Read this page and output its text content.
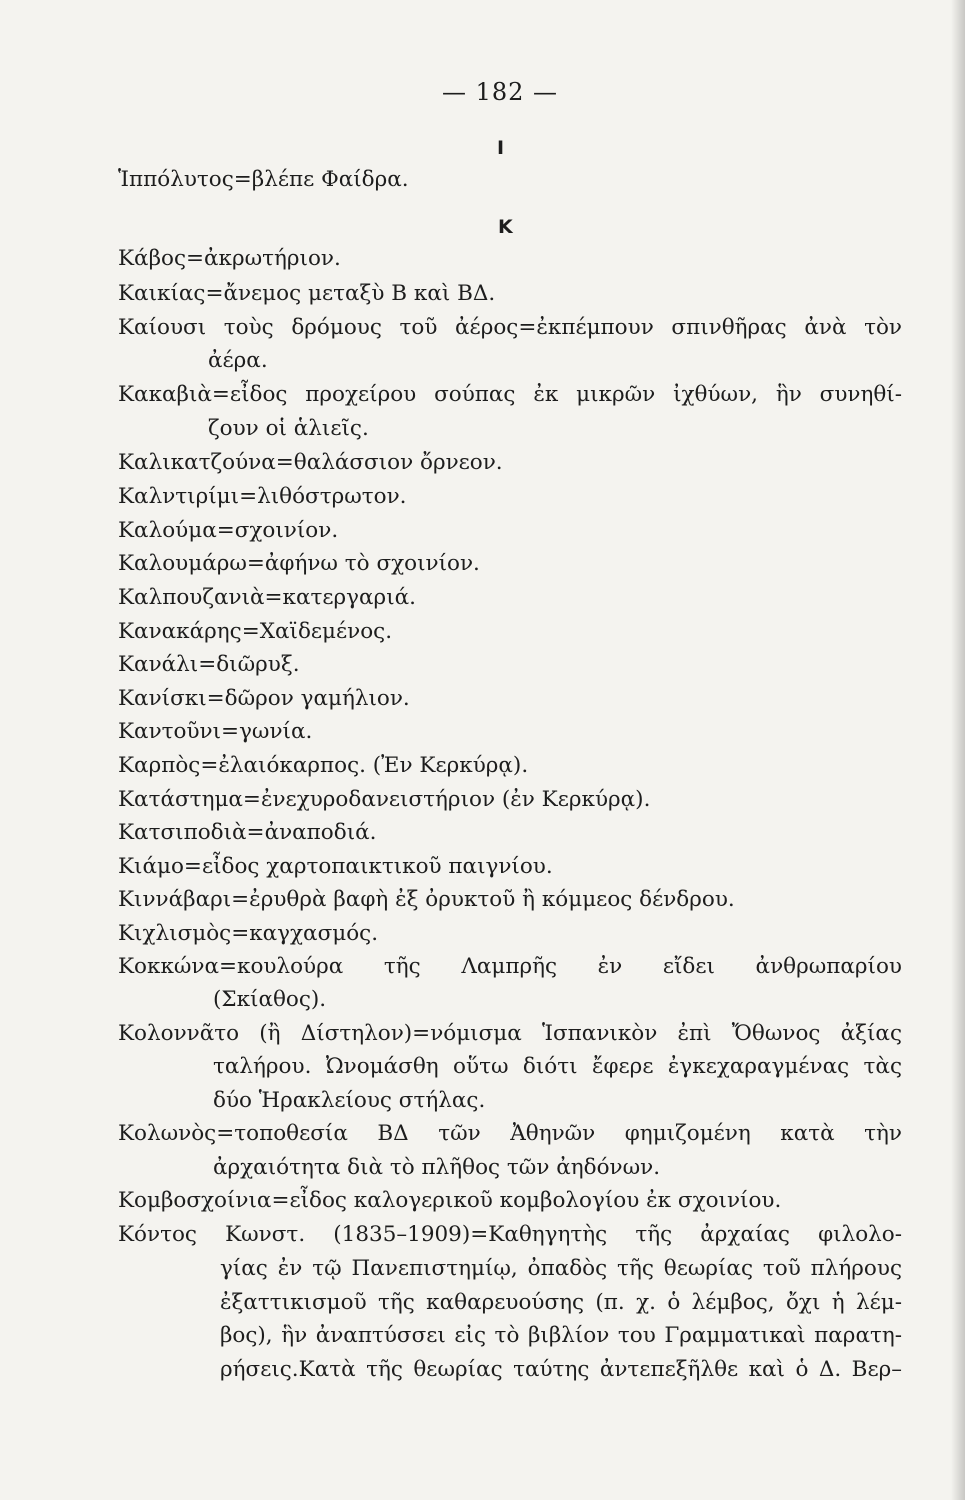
— 182 —
I
K
Ἱππόλυτος=βλέπε Φαίδρα.
Κάβος=ἀκρωτήριον.
Καικίας=ἄνεμος μεταξὺ Β καὶ ΒΔ.
Καίουσι τοὺς δρόμους τοῦ ἀέρος=ἐκπέμπουν σπινθῆρας ἀνὰ τὸν
ἀέρα.
Κακαβιὰ=εἶδος προχείρου σούπας ἐκ μικρῶν ἰχθύων, ἣν συνηθί-
ζουν οἱ ἁλιεῖς.
Καλικατζούνα=θαλάσσιον ὄρνεον.
Καλντιρίμι=λιθόστρωτον.
Καλούμα=σχοινίον.
Καλουμάρω=ἀφήνω τὸ σχοινίον.
Καλπουζανιὰ=κατεργαριά.
Κανακάρης=Χαϊδεμένος.
Κανάλι=διῶρυξ.
Κανίσκι=δῶρον γαμήλιον.
Καντοῦνι=γωνία.
Καρπὸς=ἐλαιόκαρπος. (Ἐν Κερκύρᾳ).
Κατάστημα=ἐνεχυροδανειστήριον (ἐν Κερκύρᾳ).
Κατσιποδιὰ=ἀναποδιά.
Κιάμο=εἶδος χαρτοπαικτικοῦ παιγνίου.
Κιννάβαρι=ἐρυθρὰ βαφὴ ἐξ ὀρυκτοῦ ἢ κόμμεος δένδρου.
Κιχλισμὸς=καγχασμός.
Κοκκώνα=κουλούρα τῆς Λαμπρῆς ἐν εἴδει ἀνθρωπαρίου
(Σκίαθος).
Κολοννᾶτο (ἢ Δίστηλον)=νόμισμα Ἱσπανικὸν ἐπὶ Ὄθωνος ἀξίας
ταλήρου. Ὠνομάσθη οὕτω διότι ἔφερε ἐγκεχαραγμένας τὰς
δύο Ἡρακλείους στήλας.
Κολωνὸς=τοποθεσία ΒΔ τῶν Ἀθηνῶν φημιζομένη κατὰ τὴν
ἀρχαιότητα διὰ τὸ πλῆθος τῶν ἀηδόνων.
Κομβοσχοίνια=εἶδος καλογερικοῦ κομβολογίου ἐκ σχοινίου.
Κόντος Κωνστ. (1835–1909)=Καθηγητὴς τῆς ἀρχαίας φιλολο-
γίας ἐν τῷ Πανεπιστημίῳ, ὀπαδὸς τῆς θεωρίας τοῦ πλήρους
ἐξαττικισμοῦ τῆς καθαρευούσης (π. χ. ὁ λέμβος, ὄχι ἡ λέμ-
βος), ἣν ἀναπτύσσει εἰς τὸ βιβλίον του Γραμματικαὶ παρατη-
ρήσεις.Κατὰ τῆς θεωρίας ταύτης ἀντεπεξῆλθε καὶ ὁ Δ. Βερ–
